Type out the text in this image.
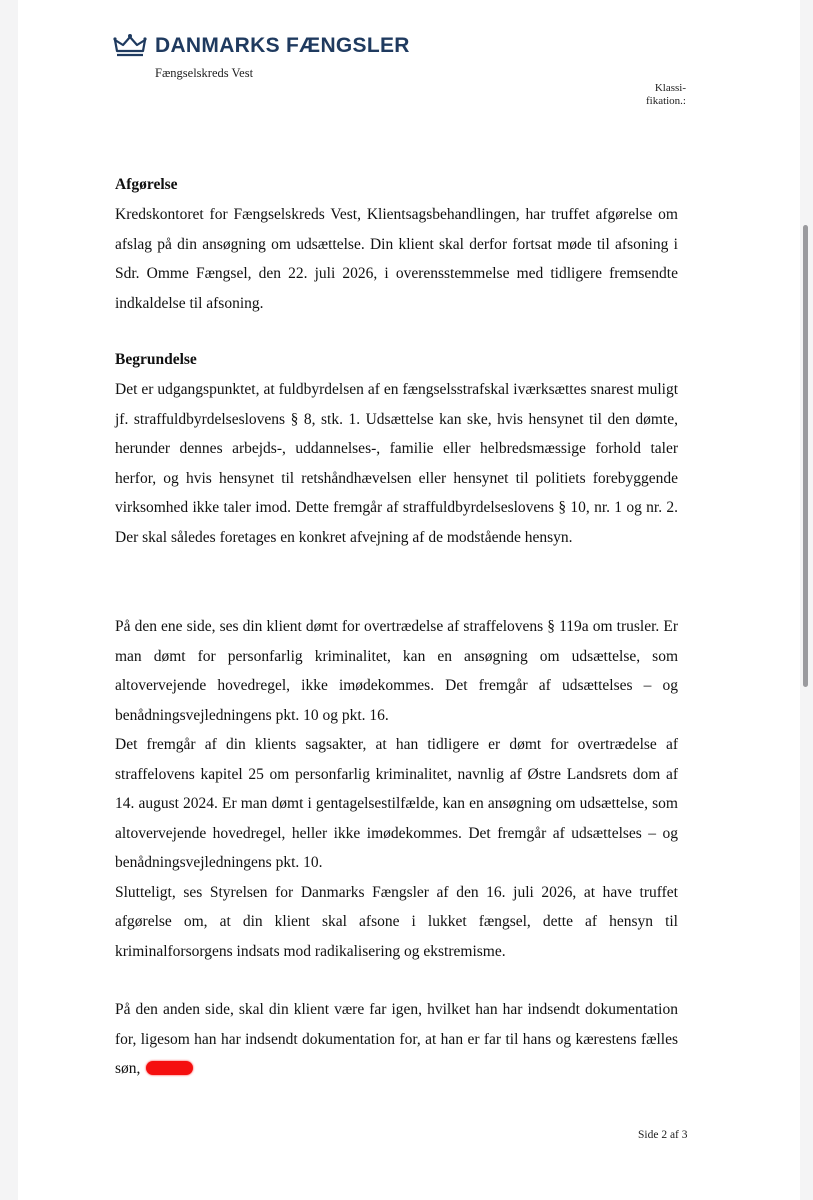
DANMARKS FÆNGSLER
Fængselskreds Vest
Klassi-
fikation.:
Afgørelse

Kredskontoret for Fængselskreds Vest, Klientsagsbehandlingen, har truffet afgørelse om afslag på din ansøgning om udsættelse. Din klient skal derfor fortsat møde til afsoning i Sdr. Omme Fængsel, den 22. juli 2026, i overensstemmelse med tidligere fremsendte indkaldelse til afsoning.

Begrundelse

Det er udgangspunktet, at fuldbyrdelsen af en fængselsstrafskal iværksættes snarest muligt jf. straffuldbyrdelseslovens § 8, stk. 1. Udsættelse kan ske, hvis hensynet til den dømte, herunder dennes arbejds-, uddannelses-, familie eller helbredsmæssige forhold taler herfor, og hvis hensynet til retshåndhævelsen eller hensynet til politiets forebyggende virksomhed ikke taler imod. Dette fremgår af straffuldbyrdelseslovens § 10, nr. 1 og nr. 2. Der skal således foretages en konkret afvejning af de modstående hensyn.

På den ene side, ses din klient dømt for overtrædelse af straffelovens § 119a om trusler. Er man dømt for personfarlig kriminalitet, kan en ansøgning om udsættelse, som altovervejende hovedregel, ikke imødekommes. Det fremgår af udsættelses – og benådningsvejledningens pkt. 10 og pkt. 16.

Det fremgår af din klients sagsakter, at han tidligere er dømt for overtrædelse af straffelovens kapitel 25 om personfarlig kriminalitet, navnlig af Østre Landsrets dom af 14. august 2024. Er man dømt i gentagelsestilfælde, kan en ansøgning om udsættelse, som altovervejende hovedregel, heller ikke imødekommes. Det fremgår af udsættelses – og benådningsvejledningens pkt. 10.

Slutteligt, ses Styrelsen for Danmarks Fængsler af den 16. juli 2026, at have truffet afgørelse om, at din klient skal afsone i lukket fængsel, dette af hensyn til kriminalforsorgens indsats mod radikalisering og ekstremisme.

På den anden side, skal din klient være far igen, hvilket han har indsendt dokumentation for, ligesom han har indsendt dokumentation for, at han er far til hans og kærestens fælles søn,

Side 2 af 3
